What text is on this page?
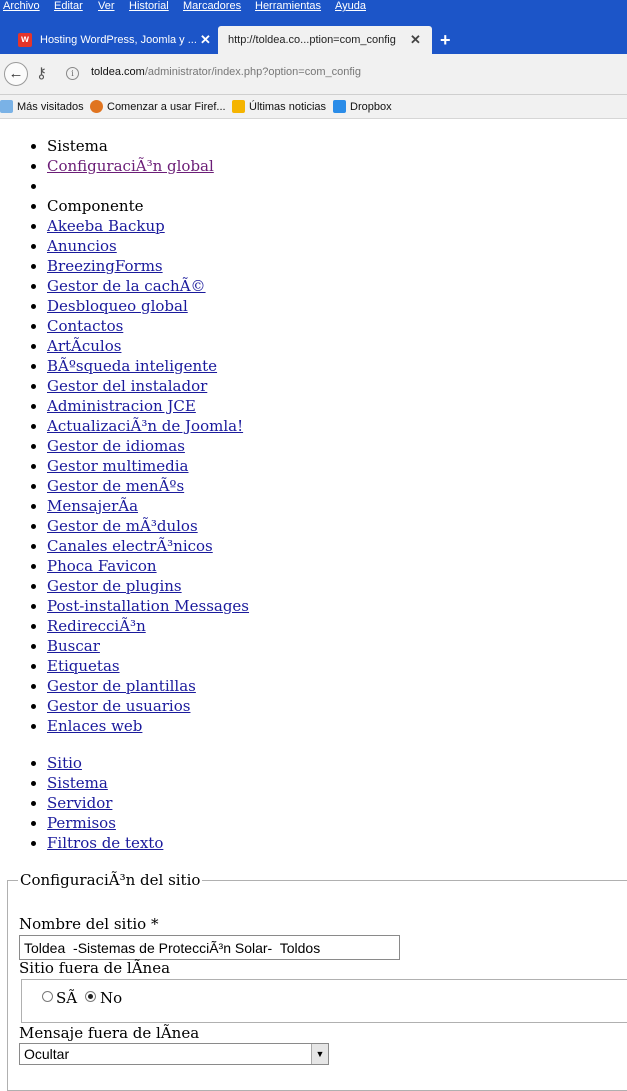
Archivo Editar Ver Historial Marcadores Herramientas Ayuda
w Hosting WordPress, Joomla y ... ✕ http://toldea.co...ption=com_config ✕ +
← ⚷	i	toldea.com/administrator/index.php?option=com_config
Más visitados	Comenzar a usar Firef...	Últimas noticias	Dropbox
• Sistema
• ConfiguraciÃ³n global
•
• Componente
• Akeeba Backup
• Anuncios
• BreezingForms
• Gestor de la cachÃ©
• Desbloqueo global
• Contactos
• ArtÃculos
• BÃºsqueda inteligente
• Gestor del instalador
• Administracion JCE
• ActualizaciÃ³n de Joomla!
• Gestor de idiomas
• Gestor multimedia
• Gestor de menÃºs
• MensajerÃa
• Gestor de mÃ³dulos
• Canales electrÃ³nicos
• Phoca Favicon
• Gestor de plugins
• Post-installation Messages
• RedirecciÃ³n
• Buscar
• Etiquetas
• Gestor de plantillas
• Gestor de usuarios
• Enlaces web
• Sitio
• Sistema
• Servidor
• Permisos
• Filtros de texto
ConfiguraciÃ³n del sitio
Nombre del sitio *
Toldea -Sistemas de ProtecciÃ³n Solar- Toldos
Sitio fuera de lÃnea
SÃ No
Mensaje fuera de lÃnea
Ocultar	▼
